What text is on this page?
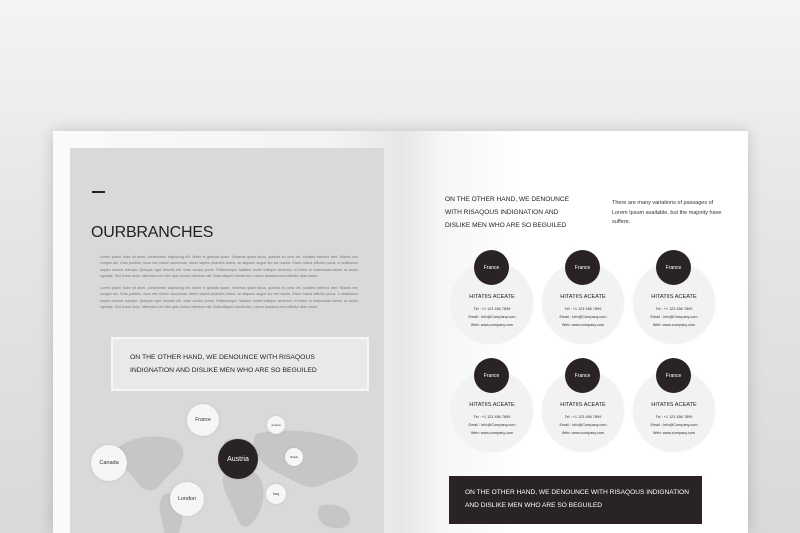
OURBRANCHES
Lorem ipsum dolor sit amet, consectetur adipiscing elit. Morbi et gravida quam. Vivamus quam lacus, gravida eu urna vel, sodales eleifend sem. Mauris nec congue dui. Cras porttitor, risus nec rutrum accumsan, libero sapien pharetra lectus, ac aliquam augue leo vel mauris. Etiam luctus efficitur purus, a vestibulum sapien laoreet suscipit. Quisque eget lobortis elit, vitae cursus purus. Pellentesque habitant morbi tristique senectus et netus et malesuada fames ac turpis egestas. Sed lorem dolor, bibendum vel nibh quis, luctus interdum nisl. Nulla aliquet lobortis leo, rutrum faucibus eros efficitur vitae lorem.
Lorem ipsum dolor sit amet, consectetur adipiscing elit. Morbi et gravida quam. Vivamus quam lacus, gravida eu urna vel, sodales eleifend sem. Mauris nec congue dui. Cras porttitor, risus nec rutrum accumsan, libero sapien pharetra lectus, ac aliquam augue leo vel mauris. Etiam luctus efficitur purus, a vestibulum sapien laoreet suscipit. Quisque eget lobortis elit, vitae cursus purus. Pellentesque habitant morbi tristique senectus et netus et malesuada fames ac turpis egestas. Sed lorem dolor, bibendum vel nibh quis, luctus interdum nisl. Nulla aliquet lobortis leo, rutrum faucibus eros efficitur vitae lorem.
ON THE OTHER HAND, WE DENOUNCE WITH RISAQOUS INDIGNATION AND DISLIKE MEN WHO ARE SO BEGUILED
France
Austria
Canada
Austria
Dubai
London
Iraq
ON THE OTHER HAND, WE DENOUNCE WITH RISAQOUS INDIGNATION AND DISLIKE MEN WHO ARE SO BEGUILED
There are many variations of passages of Lorem Ipsum available, but the majority have suffere.
France
HITATIIS ACEATE
Tel : +1 123 456 7899
Email : Info@Company.com
Web: www.company.com
France
HITATIIS ACEATE
Tel : +1 123 456 7899
Email : Info@Company.com
Web: www.company.com
France
HITATIIS ACEATE
Tel : +1 123 456 7899
Email : Info@Company.com
Web: www.company.com
France
HITATIIS ACEATE
Tel : +1 123 456 7899
Email : Info@Company.com
Web: www.company.com
France
HITATIIS ACEATE
Tel : +1 123 456 7899
Email : Info@Company.com
Web: www.company.com
France
HITATIIS ACEATE
Tel : +1 123 456 7899
Email : Info@Company.com
Web: www.company.com
ON THE OTHER HAND, WE DENOUNCE WITH RISAQOUS INDIGNATION AND DISLIKE MEN WHO ARE SO BEGUILED
